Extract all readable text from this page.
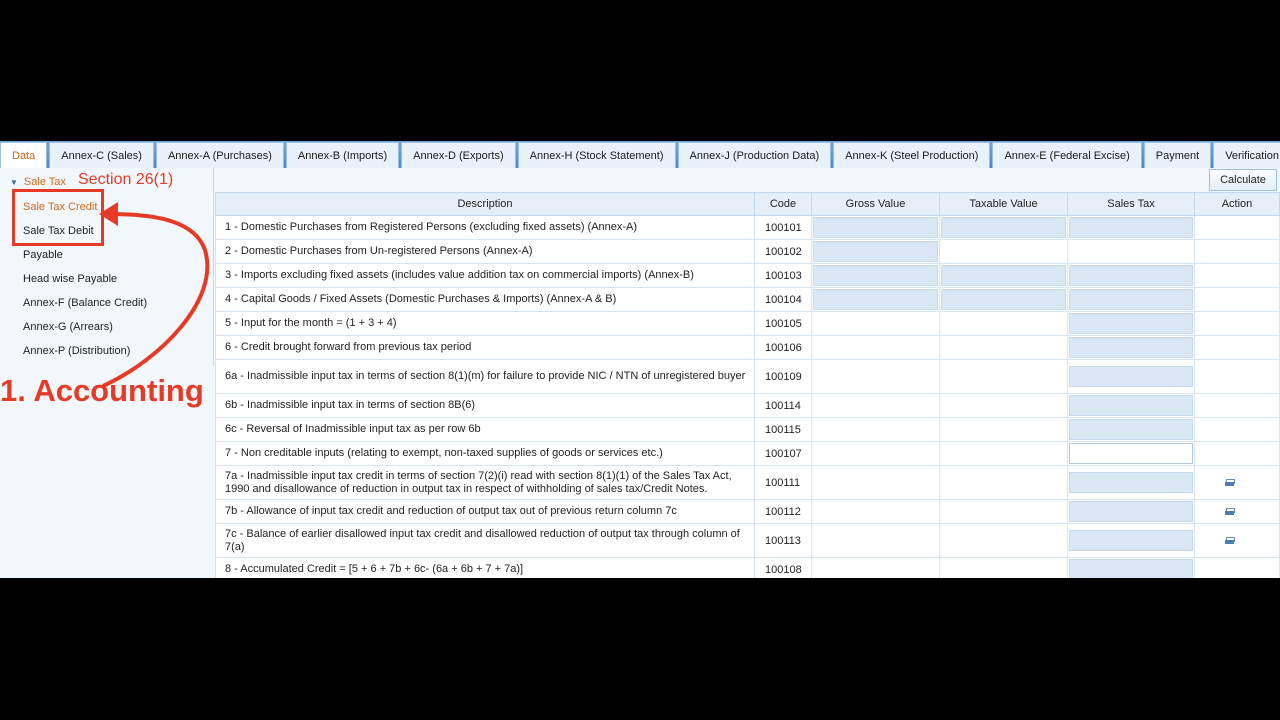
Data	Annex-C (Sales)	Annex-A (Purchases)	Annex-B (Imports)	Annex-D (Exports)	Annex-H (Stock Statement)	Annex-J (Production Data)	Annex-K (Steel Production)	Annex-E (Federal Excise)	Payment	Verification
▼ Sale Tax
Sale Tax Credit
Sale Tax Debit
Payable
Head wise Payable
Annex-F (Balance Credit)
Annex-G (Arrears)
Annex-P (Distribution)
Calculate
Description	Code	Gross Value	Taxable Value	Sales Tax	Action
1 - Domestic Purchases from Registered Persons (excluding fixed assets) (Annex-A)	100101	

2 - Domestic Purchases from Un-registered Persons (Annex-A)	100102	

3 - Imports excluding fixed assets (includes value addition tax on commercial imports) (Annex-B)	100103	

4 - Capital Goods / Fixed Assets (Domestic Purchases & Imports) (Annex-A & B)	100104	

5 - Input for the month = (1 + 3 + 4)	100105			

6 - Credit brought forward from previous tax period	100106			

6a - Inadmissible input tax in terms of section 8(1)(m) for failure to provide NIC / NTN of unregistered buyer	100109			

6b - Inadmissible input tax in terms of section 8B(6)	100114			

6c - Reversal of Inadmissible input tax as per row 6b	100115			

7 - Non creditable inputs (relating to exempt, non-taxed supplies of goods or services etc.)	100107			

7a - Inadmissible input tax credit in terms of section 7(2)(i) read with section 8(1)(1) of the Sales Tax Act, 1990 and disallowance of reduction in output tax in respect of withholding of sales tax/Credit Notes.	100111			

7b - Allowance of input tax credit and reduction of output tax out of previous return column 7c	100112			

7c - Balance of earlier disallowed input tax credit and disallowed reduction of output tax through column of 7(a)	100113			

8 - Accumulated Credit = [5 + 6 + 7b + 6c- (6a + 6b + 7 + 7a)]	100108			

Section 26(1)
1. Accounting
